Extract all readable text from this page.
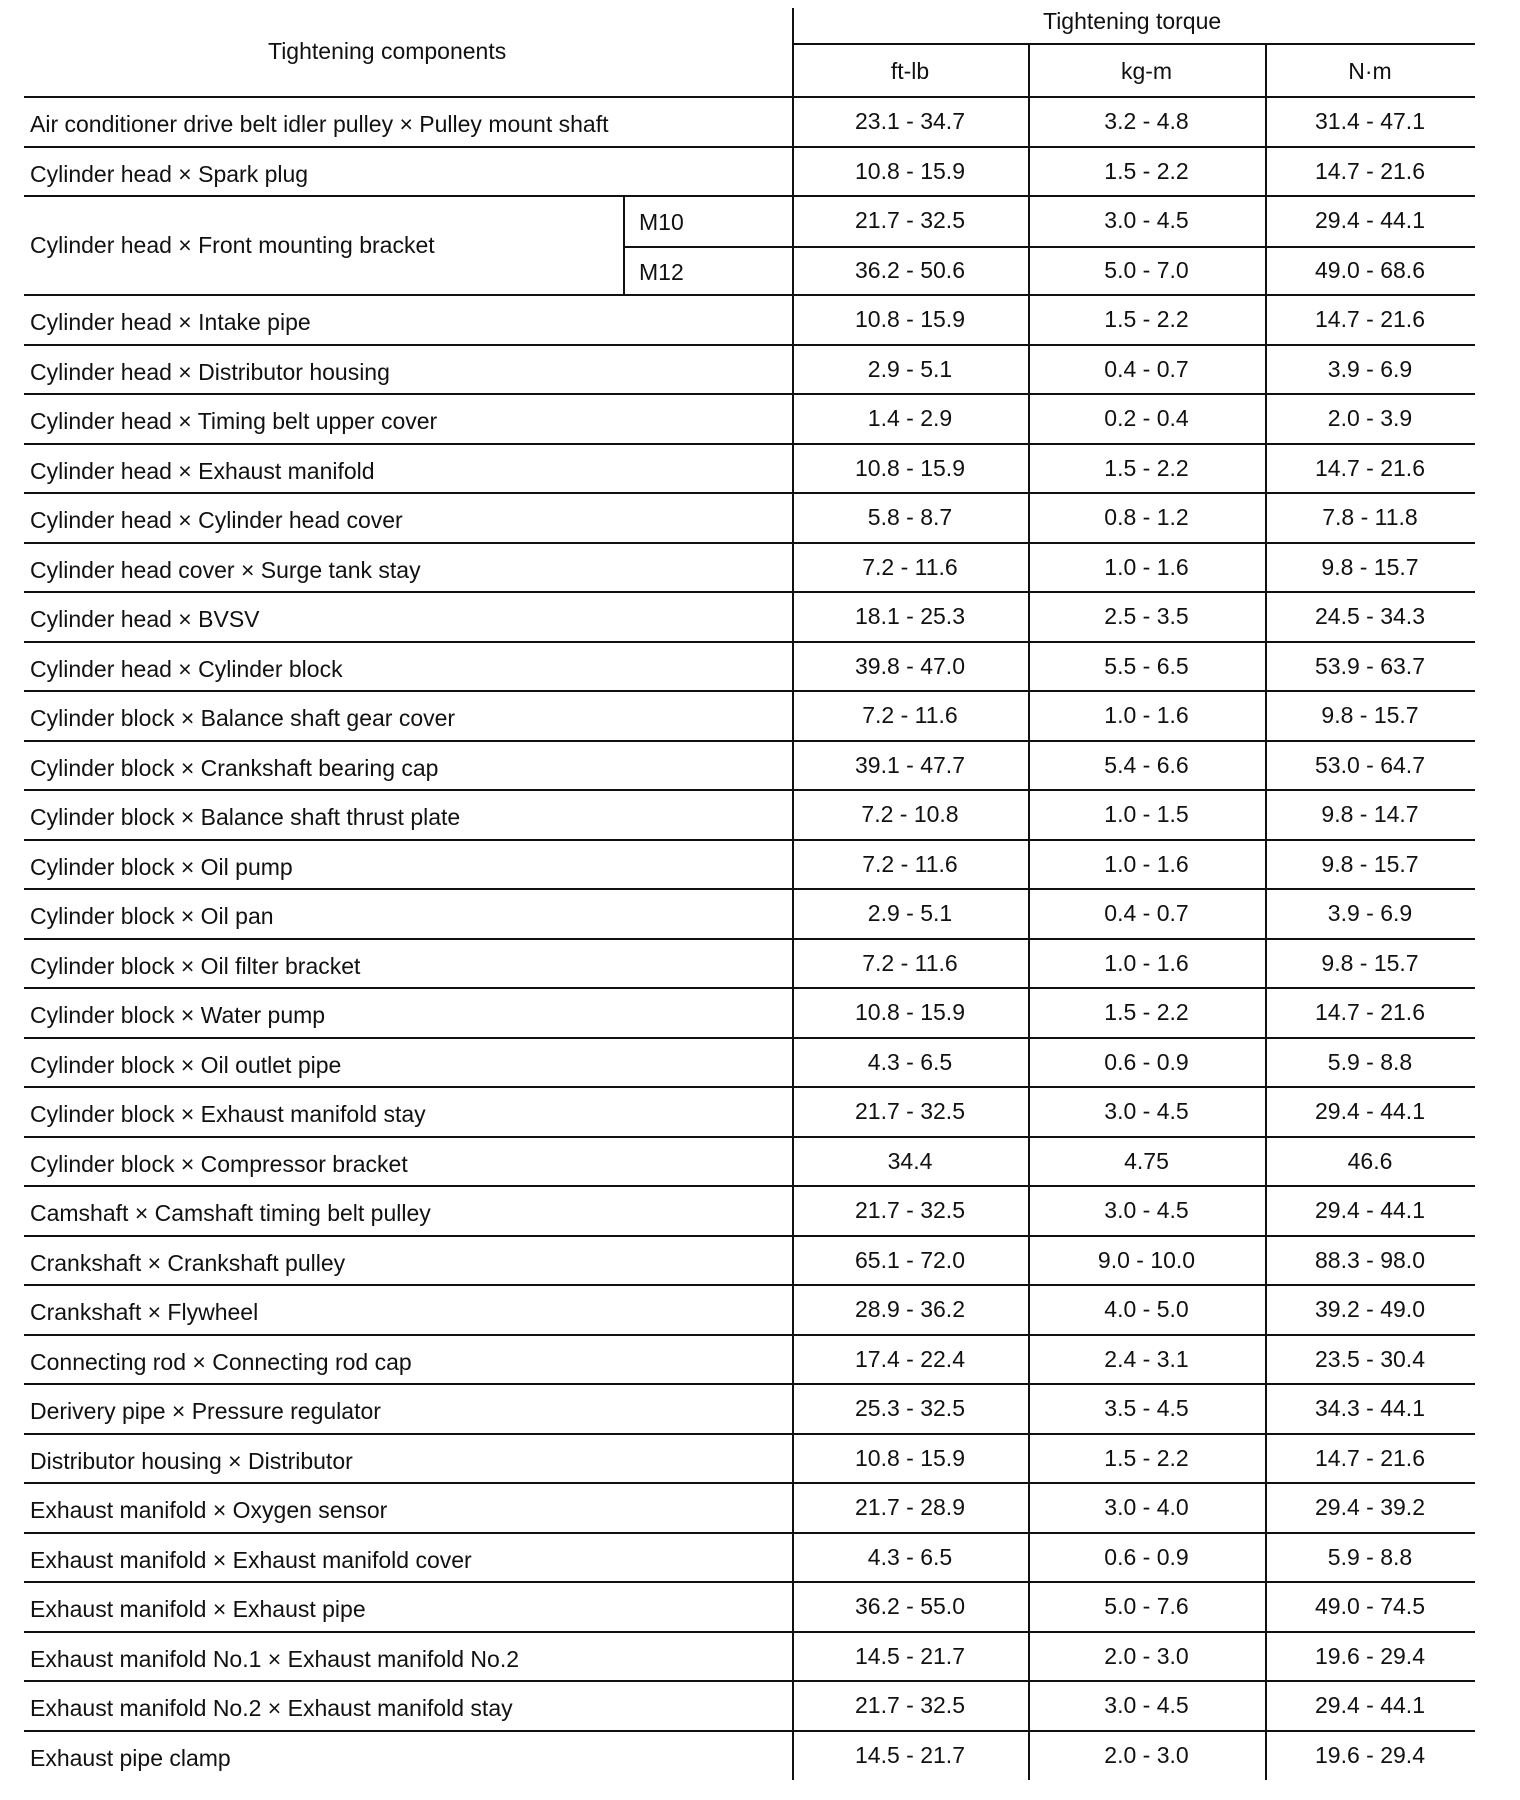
Tightening components
Tightening torque
ft-lb	kg-m	N·m
Air conditioner drive belt idler pulley × Pulley mount shaft	23.1 - 34.7	3.2 - 4.8	31.4 - 47.1
Cylinder head × Spark plug	10.8 - 15.9	1.5 - 2.2	14.7 - 21.6
Cylinder head × Front mounting bracket
M10	21.7 - 32.5	3.0 - 4.5	29.4 - 44.1
M12	36.2 - 50.6	5.0 - 7.0	49.0 - 68.6
Cylinder head × Intake pipe	10.8 - 15.9	1.5 - 2.2	14.7 - 21.6
Cylinder head × Distributor housing	2.9 - 5.1	0.4 - 0.7	3.9 - 6.9
Cylinder head × Timing belt upper cover	1.4 - 2.9	0.2 - 0.4	2.0 - 3.9
Cylinder head × Exhaust manifold	10.8 - 15.9	1.5 - 2.2	14.7 - 21.6
Cylinder head × Cylinder head cover	5.8 - 8.7	0.8 - 1.2	7.8 - 11.8
Cylinder head cover × Surge tank stay	7.2 - 11.6	1.0 - 1.6	9.8 - 15.7
Cylinder head × BVSV	18.1 - 25.3	2.5 - 3.5	24.5 - 34.3
Cylinder head × Cylinder block	39.8 - 47.0	5.5 - 6.5	53.9 - 63.7
Cylinder block × Balance shaft gear cover	7.2 - 11.6	1.0 - 1.6	9.8 - 15.7
Cylinder block × Crankshaft bearing cap	39.1 - 47.7	5.4 - 6.6	53.0 - 64.7
Cylinder block × Balance shaft thrust plate	7.2 - 10.8	1.0 - 1.5	9.8 - 14.7
Cylinder block × Oil pump	7.2 - 11.6	1.0 - 1.6	9.8 - 15.7
Cylinder block × Oil pan	2.9 - 5.1	0.4 - 0.7	3.9 - 6.9
Cylinder block × Oil filter bracket	7.2 - 11.6	1.0 - 1.6	9.8 - 15.7
Cylinder block × Water pump	10.8 - 15.9	1.5 - 2.2	14.7 - 21.6
Cylinder block × Oil outlet pipe	4.3 - 6.5	0.6 - 0.9	5.9 - 8.8
Cylinder block × Exhaust manifold stay	21.7 - 32.5	3.0 - 4.5	29.4 - 44.1
Cylinder block × Compressor bracket	34.4	4.75	46.6
Camshaft × Camshaft timing belt pulley	21.7 - 32.5	3.0 - 4.5	29.4 - 44.1
Crankshaft × Crankshaft pulley	65.1 - 72.0	9.0 - 10.0	88.3 - 98.0
Crankshaft × Flywheel	28.9 - 36.2	4.0 - 5.0	39.2 - 49.0
Connecting rod × Connecting rod cap	17.4 - 22.4	2.4 - 3.1	23.5 - 30.4
Derivery pipe × Pressure regulator	25.3 - 32.5	3.5 - 4.5	34.3 - 44.1
Distributor housing × Distributor	10.8 - 15.9	1.5 - 2.2	14.7 - 21.6
Exhaust manifold × Oxygen sensor	21.7 - 28.9	3.0 - 4.0	29.4 - 39.2
Exhaust manifold × Exhaust manifold cover	4.3 - 6.5	0.6 - 0.9	5.9 - 8.8
Exhaust manifold × Exhaust pipe	36.2 - 55.0	5.0 - 7.6	49.0 - 74.5
Exhaust manifold No.1 × Exhaust manifold No.2	14.5 - 21.7	2.0 - 3.0	19.6 - 29.4
Exhaust manifold No.2 × Exhaust manifold stay	21.7 - 32.5	3.0 - 4.5	29.4 - 44.1
Exhaust pipe clamp	14.5 - 21.7	2.0 - 3.0	19.6 - 29.4
